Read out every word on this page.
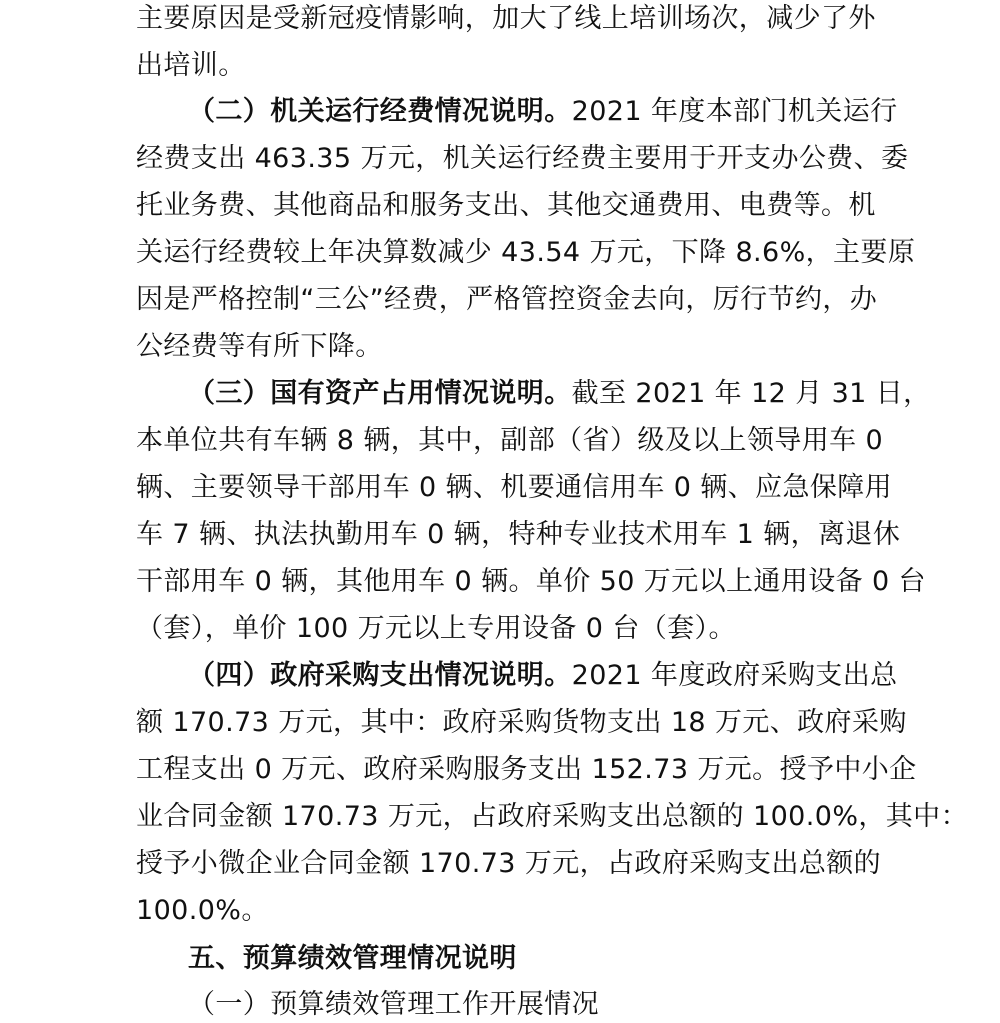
主要原因是受新冠疫情影响，加大了线上培训场次，减少了外
出培训。
（二）机关运行经费情况说明。2021 年度本部门机关运行
经费支出 463.35 万元，机关运行经费主要用于开支办公费、委
托业务费、其他商品和服务支出、其他交通费用、电费等。机
关运行经费较上年决算数减少 43.54 万元，下降 8.6%，主要原
因是严格控制“三公”经费，严格管控资金去向，厉行节约，办
公经费等有所下降。
（三）国有资产占用情况说明。截至 2021 年 12 月 31 日，
本单位共有车辆 8 辆，其中，副部（省）级及以上领导用车 0
辆、主要领导干部用车 0 辆、机要通信用车 0 辆、应急保障用
车 7 辆、执法执勤用车 0 辆，特种专业技术用车 1 辆，离退休
干部用车 0 辆，其他用车 0 辆。单价 50 万元以上通用设备 0 台
（套），单价 100 万元以上专用设备 0 台（套）。
（四）政府采购支出情况说明。2021 年度政府采购支出总
额 170.73 万元，其中：政府采购货物支出 18 万元、政府采购
工程支出 0 万元、政府采购服务支出 152.73 万元。授予中小企
业合同金额 170.73 万元，占政府采购支出总额的 100.0%，其中：
授予小微企业合同金额 170.73 万元，占政府采购支出总额的
100.0%。
五、预算绩效管理情况说明
（一）预算绩效管理工作开展情况
